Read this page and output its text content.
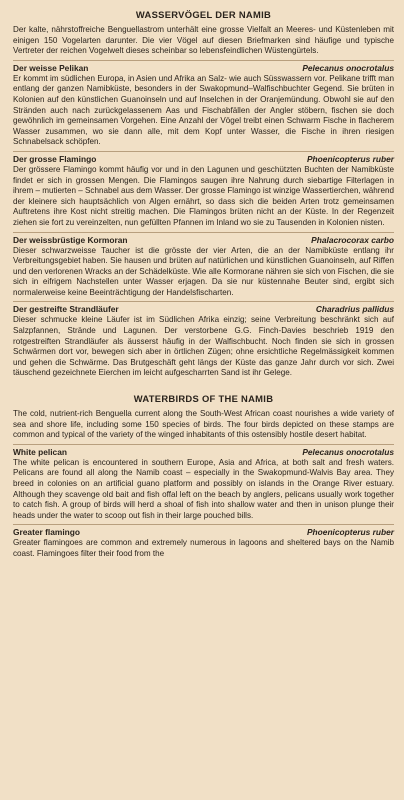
WASSERVÖGEL DER NAMIB

Der kalte, nährstoffreiche Benguellastrom unterhält eine grosse Vielfalt an Meeres- und Küstenleben mit einigen 150 Vogelarten darunter. Die vier Vögel auf diesen Briefmarken sind häufige und typische Vertreter der reichen Vogelwelt dieses scheinbar so lebensfeindlichen Wüstengürtels.

Der weisse Pelikan	Pelecanus onocrotalus

Er kommt im südlichen Europa, in Asien und Afrika an Salz- wie auch Süsswassern vor. Pelikane trifft man entlang der ganzen Namibküste, besonders in der Swakopmund–Walfischbuchter Gegend. Sie brüten in Kolonien auf den künstlichen Guanoinseln und auf Inselchen in der Oranjemündung. Obwohl sie auf den Stränden auch nach zurückgelassenem Aas und Fischabfällen der Angler stöbern, fischen sie doch gewöhnlich im gemeinsamen Vorgehen. Eine Anzahl der Vögel treibt einen Schwarm Fische in flacherem Wasser zusammen, wo sie dann alle, mit dem Kopf unter Wasser, die Fische in ihren riesigen Schnabelsack schöpfen.

Der grosse Flamingo	Phoenicopterus ruber

Der grössere Flamingo kommt häufig vor und in den Lagunen und geschützten Buchten der Namibküste findet er sich in grossen Mengen. Die Flamingos saugen ihre Nahrung durch siebartige Filterlagen in ihrem – mutierten – Schnabel aus dem Wasser. Der grosse Flamingo ist winzige Wassertierchen, während der kleinere sich hauptsächlich von Algen ernährt, so dass sich die beiden Arten trotz gemeinsamen Auftretens ihre Kost nicht streitig machen. Die Flamingos brüten nicht an der Küste. In der Regenzeit ziehen sie fort zu vereinzelten, nun gefüllten Pfannen im Inland wo sie zu Tausenden in Kolonien nisten.

Der weissbrüstige Kormoran	Phalacrocorax carbo

Dieser schwarzweisse Taucher ist die grösste der vier Arten, die an der Namibküste entlang ihr Verbreitungsgebiet haben. Sie hausen und brüten auf natürlichen und künstlichen Guanoinseln, auf Riffen und den verlorenen Wracks an der Schädelküste. Wie alle Kormorane nähren sie sich von Fischen, die sie sich in eifrigem Nachstellen unter Wasser erjagen. Da sie nur küstennahe Beuter sind, ergibt sich normalerweise keine Beeinträchtigung der Handelsfischarten.

Der gestreifte Strandläufer	Charadrius pallidus

Dieser schmucke kleine Läufer ist im Südlichen Afrika einzig; seine Verbreitung beschränkt sich auf Salzpfannen, Strände und Lagunen. Der verstorbene G.G. Finch-Davies beschrieb 1919 den rotgestreiften Strandläufer als äusserst häufig in der Walfischbucht. Noch finden sie sich in grossen Schwärmen dort vor, bewegen sich aber in örtlichen Zügen; ohne ersichtliche Regelmässigkeit kommen und gehen die Schwärme. Das Brutgeschäft geht längs der Küste das ganze Jahr durch vor sich. Zwei täuschend gezeichnete Eierchen im leicht aufgescharrten Sand ist ihr Gelege.

WATERBIRDS OF THE NAMIB

The cold, nutrient-rich Benguella current along the South-West African coast nourishes a wide variety of sea and shore life, including some 150 species of birds. The four birds depicted on these stamps are common and typical of the variety of the winged inhabitants of this ostensibly hostile desert habitat.

White pelican	Pelecanus onocrotalus

The white pelican is encountered in southern Europe, Asia and Africa, at both salt and fresh waters. Pelicans are found all along the Namib coast – especially in the Swakopmund-Walvis Bay area. They breed in colonies on an artificial guano platform and possibly on islands in the Orange River estuary. Although they scavenge old bait and fish offal left on the beach by anglers, pelicans usually work together to catch fish. A group of birds will herd a shoal of fish into shallow water and then in unison plunge their heads under the water to scoop out fish in their large pouched bills.

Greater flamingo	Phoenicopterus ruber

Greater flamingoes are common and extremely numerous in lagoons and sheltered bays on the Namib coast. Flamingoes filter their food from the
